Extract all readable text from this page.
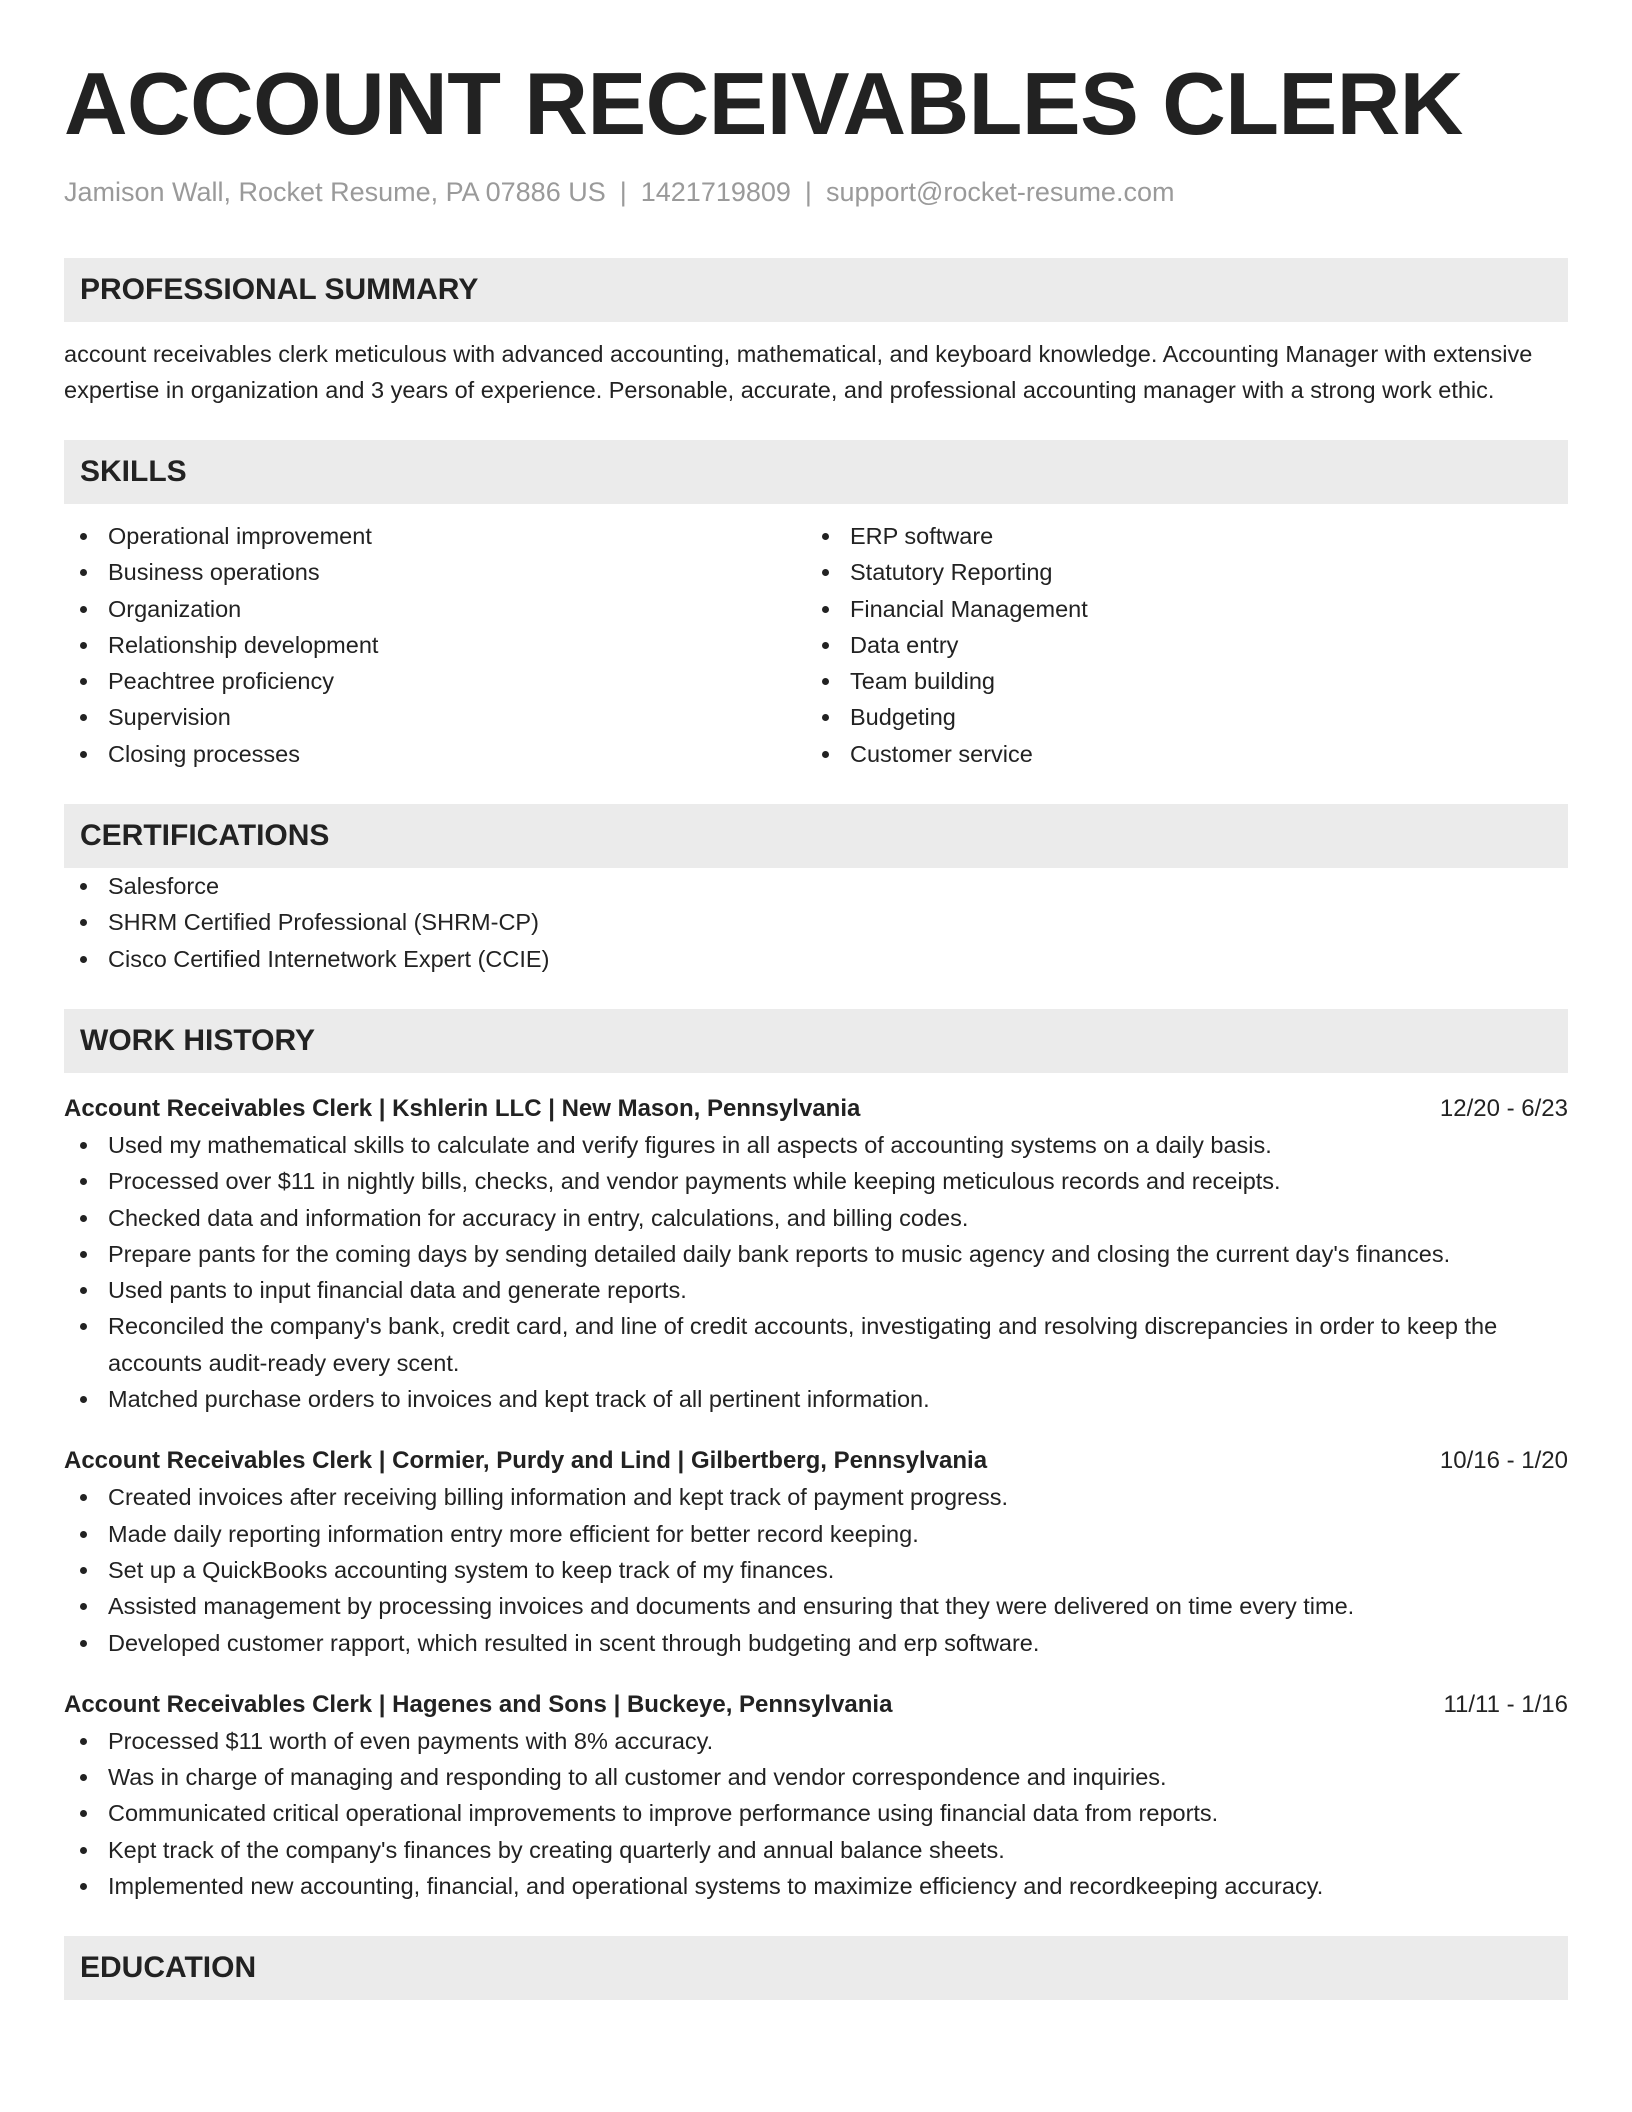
ACCOUNT RECEIVABLES CLERK
Jamison Wall, Rocket Resume, PA 07886 US | 1421719809 | support@rocket-resume.com
PROFESSIONAL SUMMARY
account receivables clerk meticulous with advanced accounting, mathematical, and keyboard knowledge. Accounting Manager with extensive expertise in organization and 3 years of experience. Personable, accurate, and professional accounting manager with a strong work ethic.
SKILLS
Operational improvement
Business operations
Organization
Relationship development
Peachtree proficiency
Supervision
Closing processes
ERP software
Statutory Reporting
Financial Management
Data entry
Team building
Budgeting
Customer service
CERTIFICATIONS
Salesforce
SHRM Certified Professional (SHRM-CP)
Cisco Certified Internetwork Expert (CCIE)
WORK HISTORY
Account Receivables Clerk | Kshlerin LLC | New Mason, Pennsylvania	12/20 - 6/23
Used my mathematical skills to calculate and verify figures in all aspects of accounting systems on a daily basis.
Processed over $11 in nightly bills, checks, and vendor payments while keeping meticulous records and receipts.
Checked data and information for accuracy in entry, calculations, and billing codes.
Prepare pants for the coming days by sending detailed daily bank reports to music agency and closing the current day's finances.
Used pants to input financial data and generate reports.
Reconciled the company's bank, credit card, and line of credit accounts, investigating and resolving discrepancies in order to keep the accounts audit-ready every scent.
Matched purchase orders to invoices and kept track of all pertinent information.
Account Receivables Clerk | Cormier, Purdy and Lind | Gilbertberg, Pennsylvania	10/16 - 1/20
Created invoices after receiving billing information and kept track of payment progress.
Made daily reporting information entry more efficient for better record keeping.
Set up a QuickBooks accounting system to keep track of my finances.
Assisted management by processing invoices and documents and ensuring that they were delivered on time every time.
Developed customer rapport, which resulted in scent through budgeting and erp software.
Account Receivables Clerk | Hagenes and Sons | Buckeye, Pennsylvania	11/11 - 1/16
Processed $11 worth of even payments with 8% accuracy.
Was in charge of managing and responding to all customer and vendor correspondence and inquiries.
Communicated critical operational improvements to improve performance using financial data from reports.
Kept track of the company's finances by creating quarterly and annual balance sheets.
Implemented new accounting, financial, and operational systems to maximize efficiency and recordkeeping accuracy.
EDUCATION
